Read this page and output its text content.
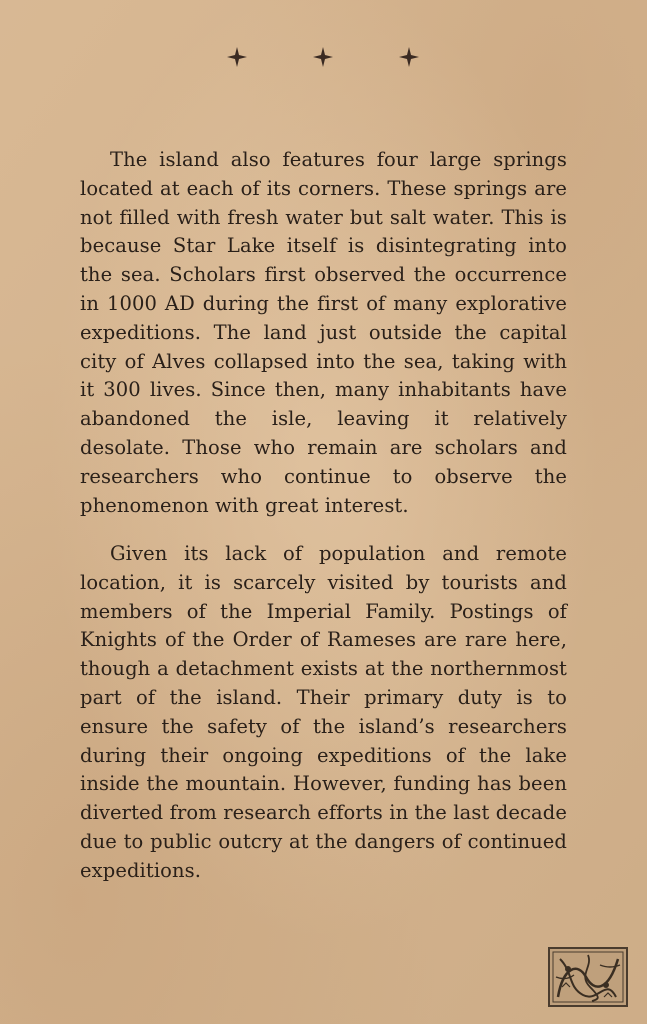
The island also features four large springs located at each of its corners. These springs are not filled with fresh water but salt water. This is because Star Lake itself is disintegrating into the sea. Scholars first observed the occurrence in 1000 AD during the first of many explorative expeditions. The land just outside the capital city of Alves collapsed into the sea, taking with it 300 lives. Since then, many inhabitants have abandoned the isle, leaving it relatively desolate. Those who remain are scholars and researchers who continue to observe the phenomenon with great interest.

Given its lack of population and remote location, it is scarcely visited by tourists and members of the Imperial Family. Postings of Knights of the Order of Rameses are rare here, though a detachment exists at the northernmost part of the island. Their primary duty is to ensure the safety of the island’s researchers during their ongoing expeditions of the lake inside the mountain. However, funding has been diverted from research efforts in the last decade due to public outcry at the dangers of continued expeditions.
